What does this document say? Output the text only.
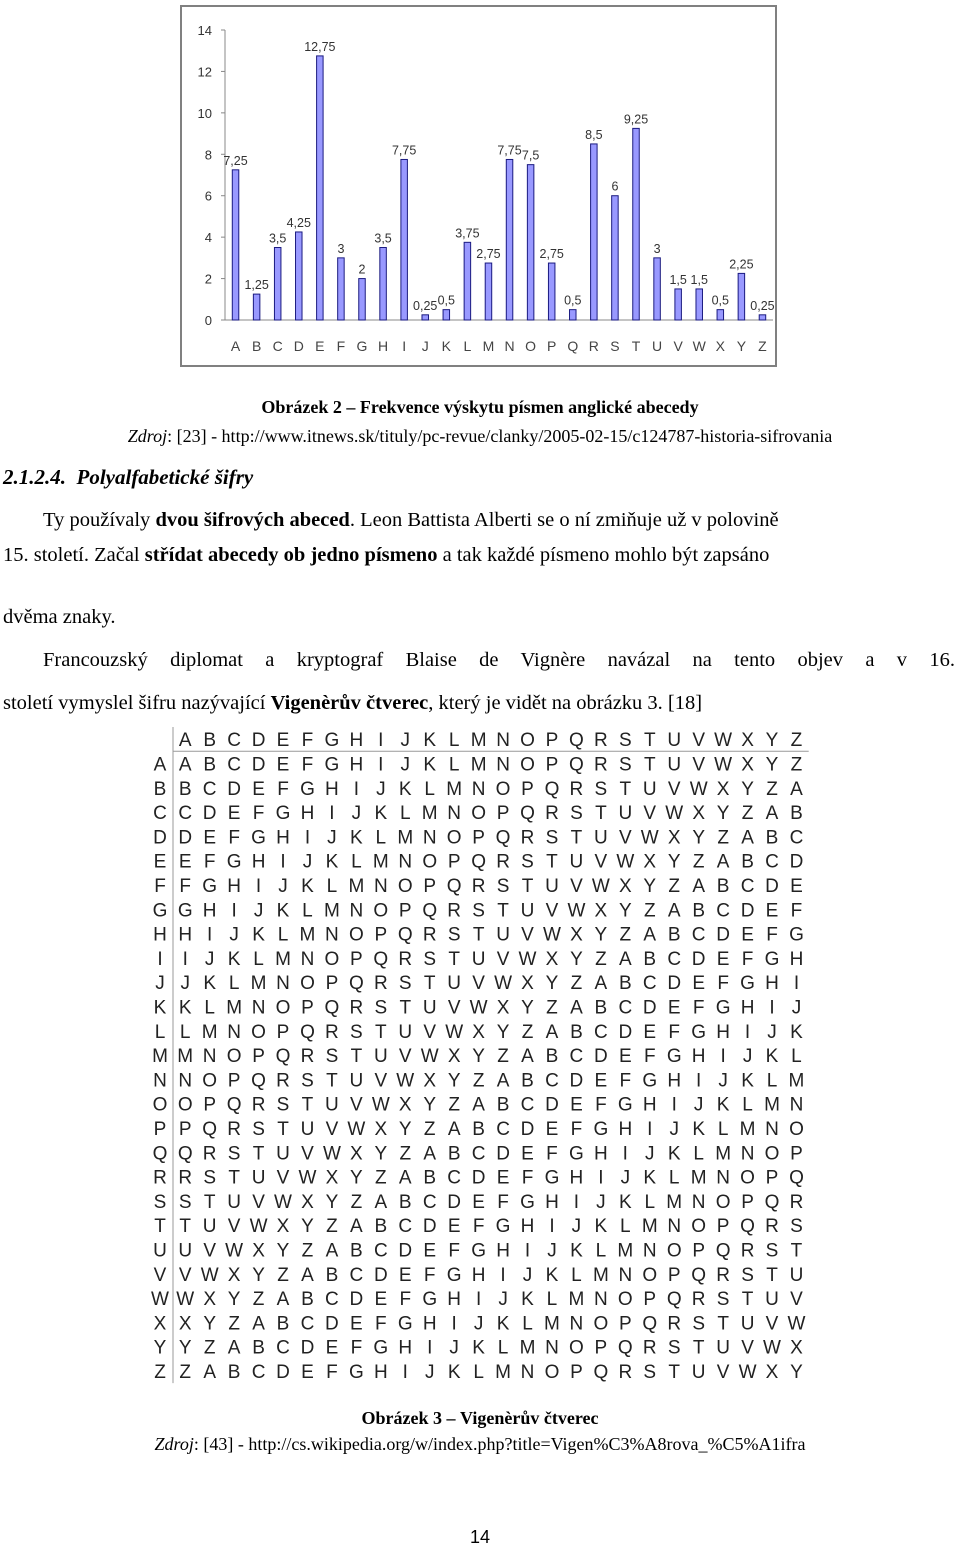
0
2
4
6
8
10
12
14
7,25
A
1,25
B
3,5
C
4,25
D
12,75
E
3
F
2
G
3,5
H
7,75
I
0,25
J
0,5
K
3,75
L
2,75
M
7,75
N
7,5
O
2,75
P
0,5
Q
8,5
R
6
S
9,25
T
3
U
1,5
V
1,5
W
0,5
X
2,25
Y
0,25
Z
Obrázek 2 – Frekvence výskytu písmen anglické abecedy
Zdroj: [23] - http://www.itnews.sk/tituly/pc-revue/clanky/2005-02-15/c124787-historia-sifrovania
2.1.2.4. Polyalfabetické šifry
Ty používaly dvou šifrových abeced. Leon Battista Alberti se o ní zmiňuje už v polovině
15. století. Začal střídat abecedy ob jedno písmeno a tak každé písmeno mohlo být zapsáno
dvěma znaky.
Francouzský diplomat a kryptograf Blaise de Vignère navázal na tento objev a v 16.
století vymyslel šifru nazývající Vigenèrův čtverec, který je vidět na obrázku 3. [18]
A B C D E F G H I J K L M N O P Q R S T U V W X Y Z
A A B C D E F G H I J K L M N O P Q R S T U V W X Y Z
B B C D E F G H I J K L M N O P Q R S T U V W X Y Z A
C C D E F G H I J K L M N O P Q R S T U V W X Y Z A B
D D E F G H I J K L M N O P Q R S T U V W X Y Z A B C
E E F G H I J K L M N O P Q R S T U V W X Y Z A B C D
F F G H I J K L M N O P Q R S T U V W X Y Z A B C D E
G G H I J K L M N O P Q R S T U V W X Y Z A B C D E F
H H I J K L M N O P Q R S T U V W X Y Z A B C D E F G
I I J K L M N O P Q R S T U V W X Y Z A B C D E F G H
J J K L M N O P Q R S T U V W X Y Z A B C D E F G H I
K K L M N O P Q R S T U V W X Y Z A B C D E F G H I J
L L M N O P Q R S T U V W X Y Z A B C D E F G H I J K
M M N O P Q R S T U V W X Y Z A B C D E F G H I J K L
N N O P Q R S T U V W X Y Z A B C D E F G H I J K L M
O O P Q R S T U V W X Y Z A B C D E F G H I J K L M N
P P Q R S T U V W X Y Z A B C D E F G H I J K L M N O
Q Q R S T U V W X Y Z A B C D E F G H I J K L M N O P
R R S T U V W X Y Z A B C D E F G H I J K L M N O P Q
S S T U V W X Y Z A B C D E F G H I J K L M N O P Q R
T T U V W X Y Z A B C D E F G H I J K L M N O P Q R S
U U V W X Y Z A B C D E F G H I J K L M N O P Q R S T
V V W X Y Z A B C D E F G H I J K L M N O P Q R S T U
W W X Y Z A B C D E F G H I J K L M N O P Q R S T U V
X X Y Z A B C D E F G H I J K L M N O P Q R S T U V W
Y Y Z A B C D E F G H I J K L M N O P Q R S T U V W X
Z Z A B C D E F G H I J K L M N O P Q R S T U V W X Y
Obrázek 3 – Vigenèrův čtverec
Zdroj: [43] - http://cs.wikipedia.org/w/index.php?title=Vigen%C3%A8rova_%C5%A1ifra
14
